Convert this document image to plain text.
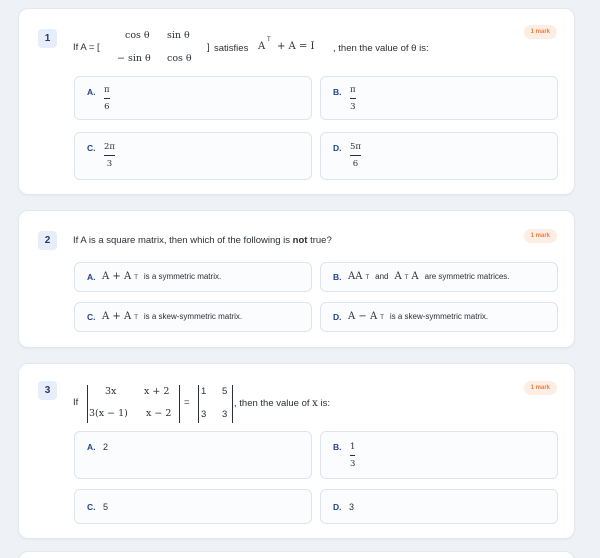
1
1 mark
If A = [
cos θ sin θ
− sin θ cos θ
] satisfies A
T
+ A = I , then the value of θ is:
A. π
6
B. π
3
C. 2π
3
D. 5π
6
2	1 mark
If A is a square matrix, then which of the following is not true?
A. A + A T is a symmetric matrix.	B. AA T and A T A are symmetric matrices.
C. A + A T is a skew-symmetric matrix.	D. A − A T is a skew-symmetric matrix.
3	1 mark
If
3x	x + 2
3(x − 1) x − 2
=
1 5
3 3
, then the value of x is:
A. 2	B. 1
3
C. 5	D. 3
